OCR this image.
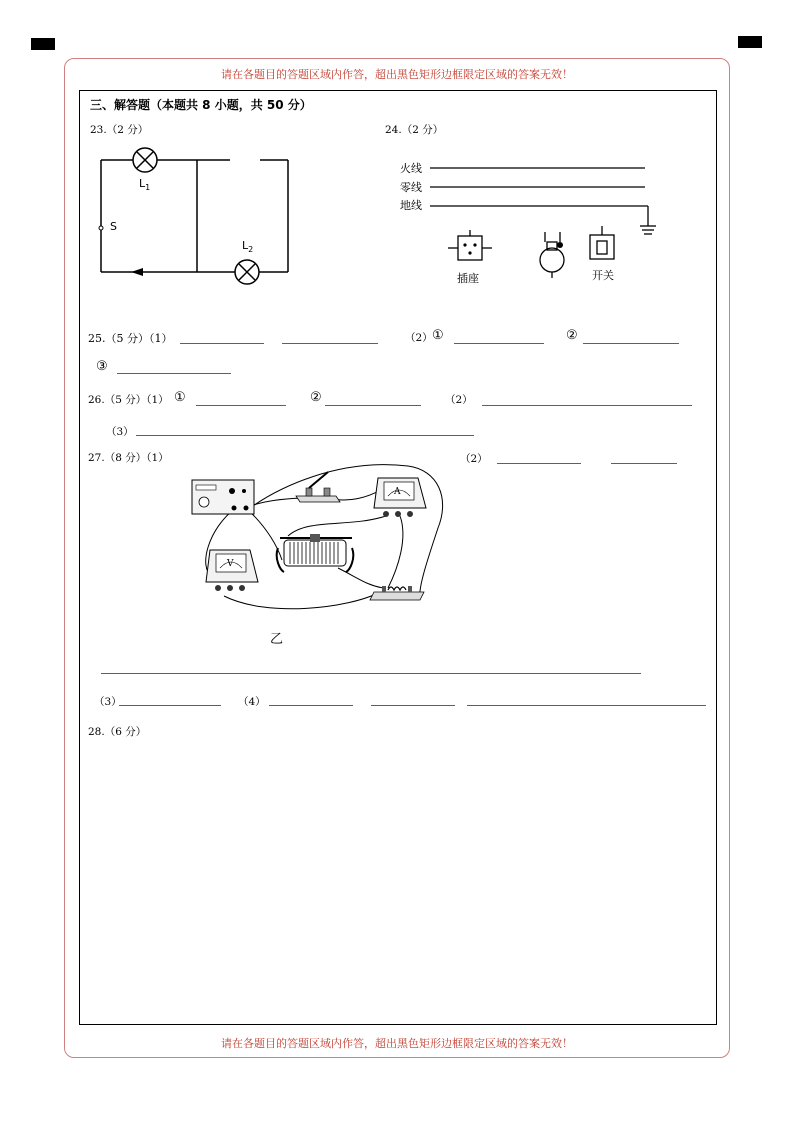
请在各题目的答题区域内作答，超出黑色矩形边框限定区域的答案无效！
请在各题目的答题区域内作答，超出黑色矩形边框限定区域的答案无效！
三、解答题（本题共 8 小题，共 50 分）
23.（2 分）
$L_1$
S
$L_2$
24.（2 分）
火线
零线
地线
插座	开关
25.（5 分）（1）	（2） ①	②
③
26.（5 分）（1） ①	②	（2）
（3）
27.（8 分）（1）	（2）
A
V
乙
（3）	（4）
28.（6 分）
